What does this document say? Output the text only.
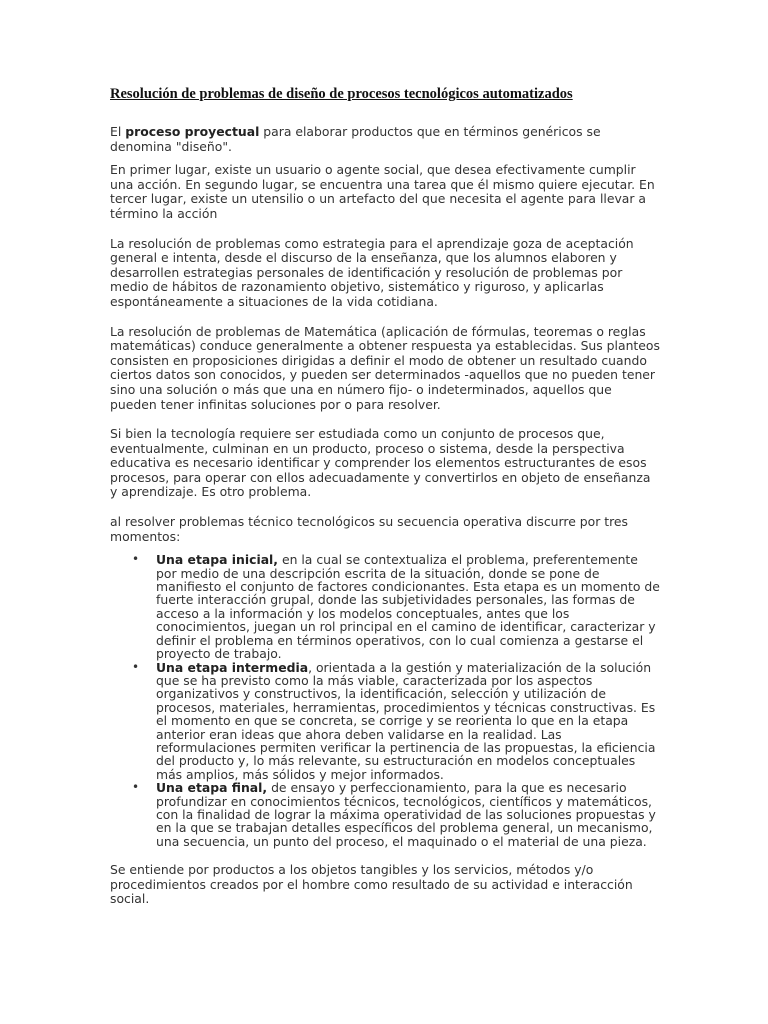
Resolución de problemas de diseño de procesos tecnológicos automatizados

El proceso proyectual para elaborar productos que en términos genéricos se denomina "diseño".

En primer lugar, existe un usuario o agente social, que desea efectivamente cumplir una acción. En segundo lugar, se encuentra una tarea que él mismo quiere ejecutar. En tercer lugar, existe un utensilio o un artefacto del que necesita el agente para llevar a término la acción

La resolución de problemas como estrategia para el aprendizaje goza de aceptación general e intenta, desde el discurso de la enseñanza, que los alumnos elaboren y desarrollen estrategias personales de identificación y resolución de problemas por medio de hábitos de razonamiento objetivo, sistemático y riguroso, y aplicarlas espontáneamente a situaciones de la vida cotidiana.

La resolución de problemas de Matemática (aplicación de fórmulas, teoremas o reglas matemáticas) conduce generalmente a obtener respuesta ya establecidas. Sus planteos consisten en proposiciones dirigidas a definir el modo de obtener un resultado cuando ciertos datos son conocidos, y pueden ser determinados -aquellos que no pueden tener sino una solución o más que una en número fijo- o indeterminados, aquellos que pueden tener infinitas soluciones por o para resolver.

Si bien la tecnología requiere ser estudiada como un conjunto de procesos que, eventualmente, culminan en un producto, proceso o sistema, desde la perspectiva educativa es necesario identificar y comprender los elementos estructurantes de esos procesos, para operar con ellos adecuadamente y convertirlos en objeto de enseñanza y aprendizaje. Es otro problema.

al resolver problemas técnico tecnológicos su secuencia operativa discurre por tres momentos:

• Una etapa inicial, en la cual se contextualiza el problema, preferentemente por medio de una descripción escrita de la situación, donde se pone de manifiesto el conjunto de factores condicionantes. Esta etapa es un momento de fuerte interacción grupal, donde las subjetividades personales, las formas de acceso a la información y los modelos conceptuales, antes que los conocimientos, juegan un rol principal en el camino de identificar, caracterizar y definir el problema en términos operativos, con lo cual comienza a gestarse el proyecto de trabajo.
• Una etapa intermedia, orientada a la gestión y materialización de la solución que se ha previsto como la más viable, caracterizada por los aspectos organizativos y constructivos, la identificación, selección y utilización de procesos, materiales, herramientas, procedimientos y técnicas constructivas. Es el momento en que se concreta, se corrige y se reorienta lo que en la etapa anterior eran ideas que ahora deben validarse en la realidad. Las reformulaciones permiten verificar la pertinencia de las propuestas, la eficiencia del producto y, lo más relevante, su estructuración en modelos conceptuales más amplios, más sólidos y mejor informados.
• Una etapa final, de ensayo y perfeccionamiento, para la que es necesario profundizar en conocimientos técnicos, tecnológicos, científicos y matemáticos, con la finalidad de lograr la máxima operatividad de las soluciones propuestas y en la que se trabajan detalles específicos del problema general, un mecanismo, una secuencia, un punto del proceso, el maquinado o el material de una pieza.

Se entiende por productos a los objetos tangibles y los servicios, métodos y/o procedimientos creados por el hombre como resultado de su actividad e interacción social.
